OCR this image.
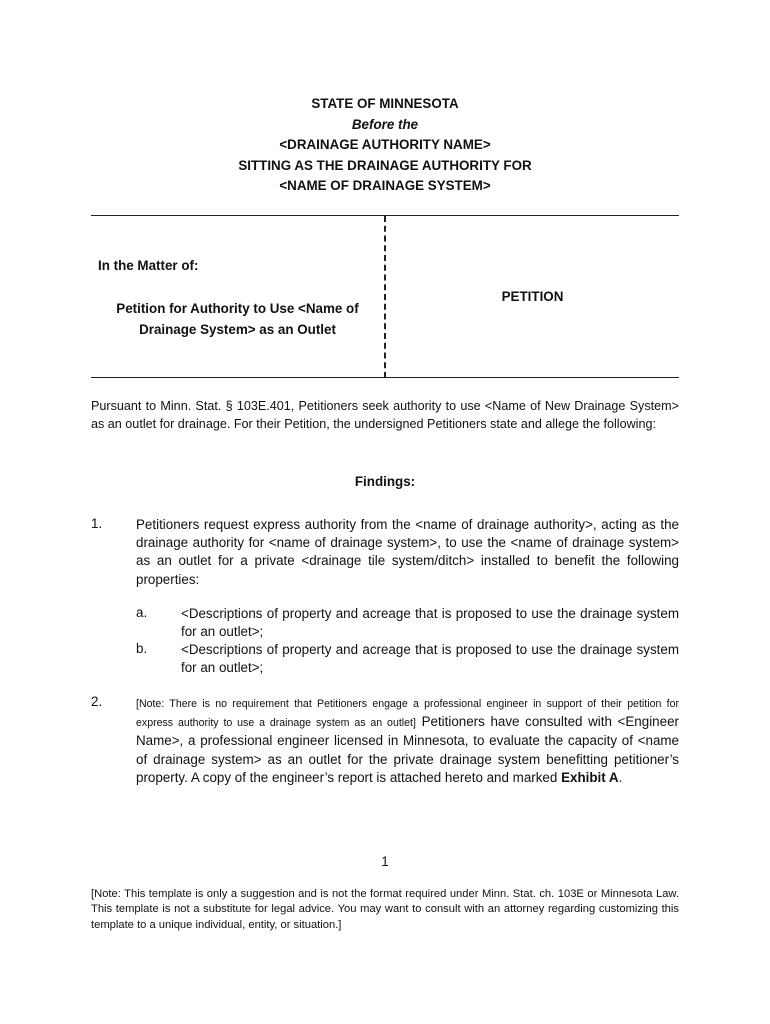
STATE OF MINNESOTA
Before the
<DRAINAGE AUTHORITY NAME>
SITTING AS THE DRAINAGE AUTHORITY FOR
<NAME OF DRAINAGE SYSTEM>
In the Matter of:
Petition for Authority to Use <Name of Drainage System> as an Outlet
PETITION
Pursuant to Minn. Stat. § 103E.401, Petitioners seek authority to use <Name of New Drainage System> as an outlet for drainage. For their Petition, the undersigned Petitioners state and allege the following:
Findings:
1.	Petitioners request express authority from the <name of drainage authority>, acting as the drainage authority for <name of drainage system>, to use the <name of drainage system> as an outlet for a private <drainage tile system/ditch> installed to benefit the following properties:
a.	<Descriptions of property and acreage that is proposed to use the drainage system for an outlet>;
b.	<Descriptions of property and acreage that is proposed to use the drainage system for an outlet>;
2.	[Note: There is no requirement that Petitioners engage a professional engineer in support of their petition for express authority to use a drainage system as an outlet] Petitioners have consulted with <Engineer Name>, a professional engineer licensed in Minnesota, to evaluate the capacity of <name of drainage system> as an outlet for the private drainage system benefitting petitioner’s property. A copy of the engineer’s report is attached hereto and marked Exhibit A.
1
[Note: This template is only a suggestion and is not the format required under Minn. Stat. ch. 103E or Minnesota Law. This template is not a substitute for legal advice. You may want to consult with an attorney regarding customizing this template to a unique individual, entity, or situation.]
